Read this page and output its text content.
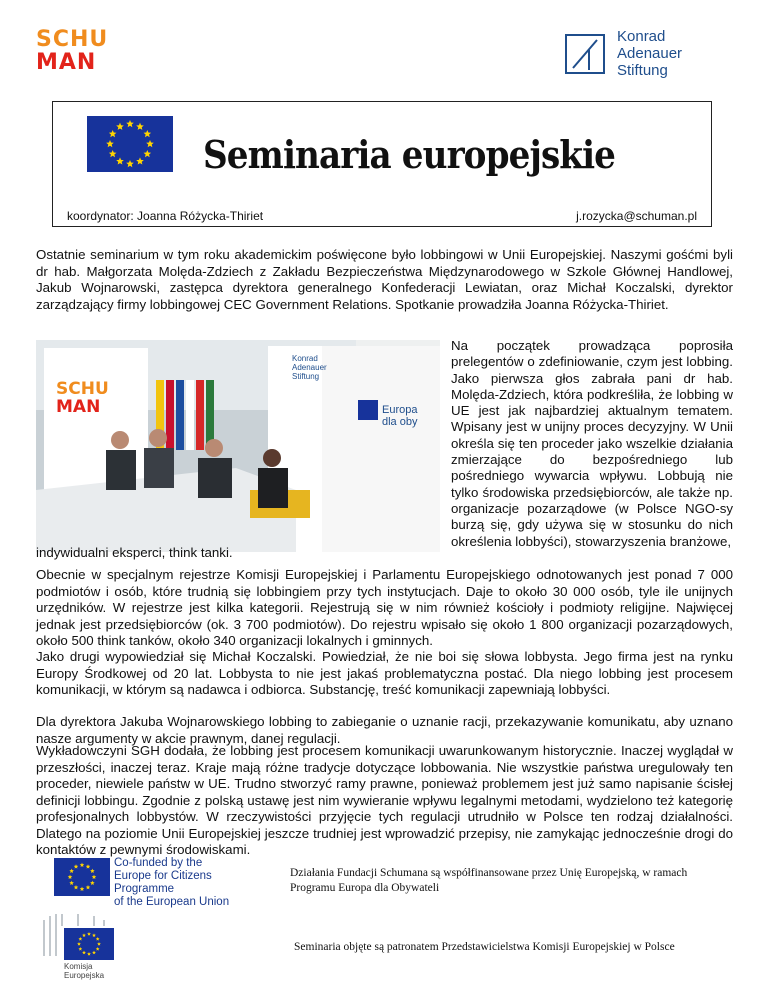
SCHU
MAN
Konrad
Adenauer
Stiftung
Seminaria europejskie
koordynator: Joanna Różycka-Thiriet	j.rozycka@schuman.pl
Ostatnie seminarium w tym roku akademickim poświęcone było lobbingowi w Unii Europejskiej. Naszymi gośćmi byli dr hab. Małgorzata Molęda-Zdziech z Zakładu Bezpieczeństwa Międzynarodowego w Szkole Głównej Handlowej, Jakub Wojnarowski, zastępca dyrektora generalnego Konfederacji Lewiatan, oraz Michał Koczalski, dyrektor zarządzający firmy lobbingowej CEC Government Relations. Spotkanie prowadziła Joanna Różycka-Thiriet.
SCHU
MAN
Konrad
Adenauer
Stiftung
Europa
dla oby
Na początek prowadząca poprosiła prelegentów o zdefiniowanie, czym jest lobbing. Jako pierwsza głos zabrała pani dr hab. Molęda-Zdziech, która podkreśliła, że lobbing w UE jest jak najbardziej aktualnym tematem. Wpisany jest w unijny proces decyzyjny. W Unii określa się ten proceder jako wszelkie działania zmierzające do bezpośredniego lub pośredniego wywarcia wpływu. Lobbują nie tylko środowiska przedsiębiorców, ale także np. organizacje pozarządowe (w Polsce NGO-sy burzą się, gdy używa się w stosunku do nich określenia lobbyści), stowarzyszenia branżowe,
indywidualni eksperci, think tanki.
Obecnie w specjalnym rejestrze Komisji Europejskiej i Parlamentu Europejskiego odnotowanych jest ponad 7 000 podmiotów i osób, które trudnią się lobbingiem przy tych instytucjach. Daje to około 30 000 osób, tyle ile unijnych urzędników. W rejestrze jest kilka kategorii. Rejestrują się w nim również kościoły i podmioty religijne. Najwięcej jednak jest przedsiębiorców (ok. 3 700 podmiotów). Do rejestru wpisało się około 1 800 organizacji pozarządowych, około 500 think tanków, około 340 organizacji lokalnych i gminnych.
Jako drugi wypowiedział się Michał Koczalski. Powiedział, że nie boi się słowa lobbysta. Jego firma jest na rynku Europy Środkowej od 20 lat. Lobbysta to nie jest jakaś problematyczna postać. Dla niego lobbing jest procesem komunikacji, w którym są nadawca i odbiorca. Substancję, treść komunikacji zapewniają lobbyści.
Dla dyrektora Jakuba Wojnarowskiego lobbing to zabieganie o uznanie racji, przekazywanie komunikatu, aby uznano nasze argumenty w akcie prawnym, danej regulacji.
Wykładowczyni SGH dodała, że lobbing jest procesem komunikacji uwarunkowanym historycznie. Inaczej wyglądał w przeszłości, inaczej teraz. Kraje mają różne tradycje dotyczące lobbowania. Nie wszystkie państwa uregulowały ten proceder, niewiele państw w UE. Trudno stworzyć ramy prawne, ponieważ problemem jest już samo napisanie ścisłej definicji lobbingu. Zgodnie z polską ustawę jest nim wywieranie wpływu legalnymi metodami, wydzielono też kategorię profesjonalnych lobbystów. W rzeczywistości przyjęcie tych regulacji utrudniło w Polsce ten rodzaj działalności. Dlatego na poziomie Unii Europejskiej jeszcze trudniej jest wprowadzić przepisy, nie zamykając jednocześnie drogi do kontaktów z pewnymi środowiskami.
Co-funded by the
Europe for Citizens Programme
of the European Union
Działania Fundacji Schumana są współfinansowane przez Unię Europejską, w ramach Programu Europa dla Obywateli
Komisja
Europejska
Seminaria objęte są patronatem Przedstawicielstwa Komisji Europejskiej w Polsce
